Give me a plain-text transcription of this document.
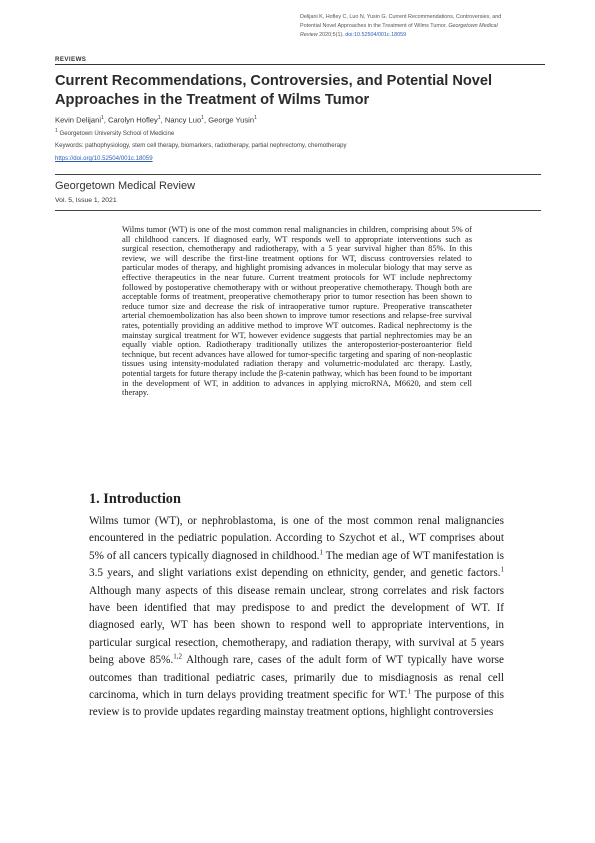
Delijani K, Hofley C, Luo N, Yusin G. Current Recommendations, Controversies, and
Potential Novel Approaches in the Treatment of Wilms Tumor. Georgetown Medical
Review 2020;5(1). doi:10.52504/001c.18059
REVIEWS
Current Recommendations, Controversies, and Potential Novel Approaches in the Treatment of Wilms Tumor
Kevin Delijani$^1$, Carolyn Hofley$^1$, Nancy Luo$^1$, George Yusin$^1$
$^1$ Georgetown University School of Medicine
Keywords: pathophysiology, stem cell therapy, biomarkers, radiotherapy, partial nephrectomy, chemotherapy
https://doi.org/10.52504/001c.18059
Georgetown Medical Review
Vol. 5, Issue 1, 2021

Wilms tumor (WT) is one of the most common renal malignancies in children, comprising about 5% of all childhood cancers. If diagnosed early, WT responds well to appropriate interventions such as surgical resection, chemotherapy and radiotherapy, with a 5 year survival higher than 85%. In this review, we will describe the first-line treatment options for WT, discuss controversies related to particular modes of therapy, and highlight promising advances in molecular biology that may serve as effective therapeutics in the near future. Current treatment protocols for WT include nephrectomy followed by postoperative chemotherapy with or without preoperative chemotherapy. Though both are acceptable forms of treatment, preoperative chemotherapy prior to tumor resection has been shown to reduce tumor size and decrease the risk of intraoperative tumor rupture. Preoperative transcatheter arterial chemoembolization has also been shown to improve tumor resections and relapse-free survival rates, potentially providing an additive method to improve WT outcomes. Radical nephrectomy is the mainstay surgical treatment for WT, however evidence suggests that partial nephrectomies may be an equally viable option. Radiotherapy traditionally utilizes the anteroposterior-posteroanterior field technique, but recent advances have allowed for tumor-specific targeting and sparing of non-neoplastic tissues using intensity-modulated radiation therapy and volumetric-modulated arc therapy. Lastly, potential targets for future therapy include the β-catenin pathway, which has been found to be important in the development of WT, in addition to advances in applying microRNA, M6620, and stem cell therapy.

1. Introduction

Wilms tumor (WT), or nephroblastoma, is one of the most common renal malignancies encountered in the pediatric population. According to Szychot et al., WT comprises about 5% of all cancers typically diagnosed in childhood.$^1$ The median age of WT manifestation is 3.5 years, and slight variations exist depending on ethnicity, gender, and genetic factors.$^1$ Although many aspects of this disease remain unclear, strong correlates and risk factors have been identified that may predispose to and predict the development of WT. If diagnosed early, WT has been shown to respond well to appropriate interventions, in particular surgical resection, chemotherapy, and radiation therapy, with survival at 5 years being above 85%.$^{1,2}$ Although rare, cases of the adult form of WT typically have worse outcomes than traditional pediatric cases, primarily due to misdiagnosis as renal cell carcinoma, which in turn delays providing treatment specific for WT.$^1$ The purpose of this review is to provide updates regarding mainstay treatment options, highlight controversies
